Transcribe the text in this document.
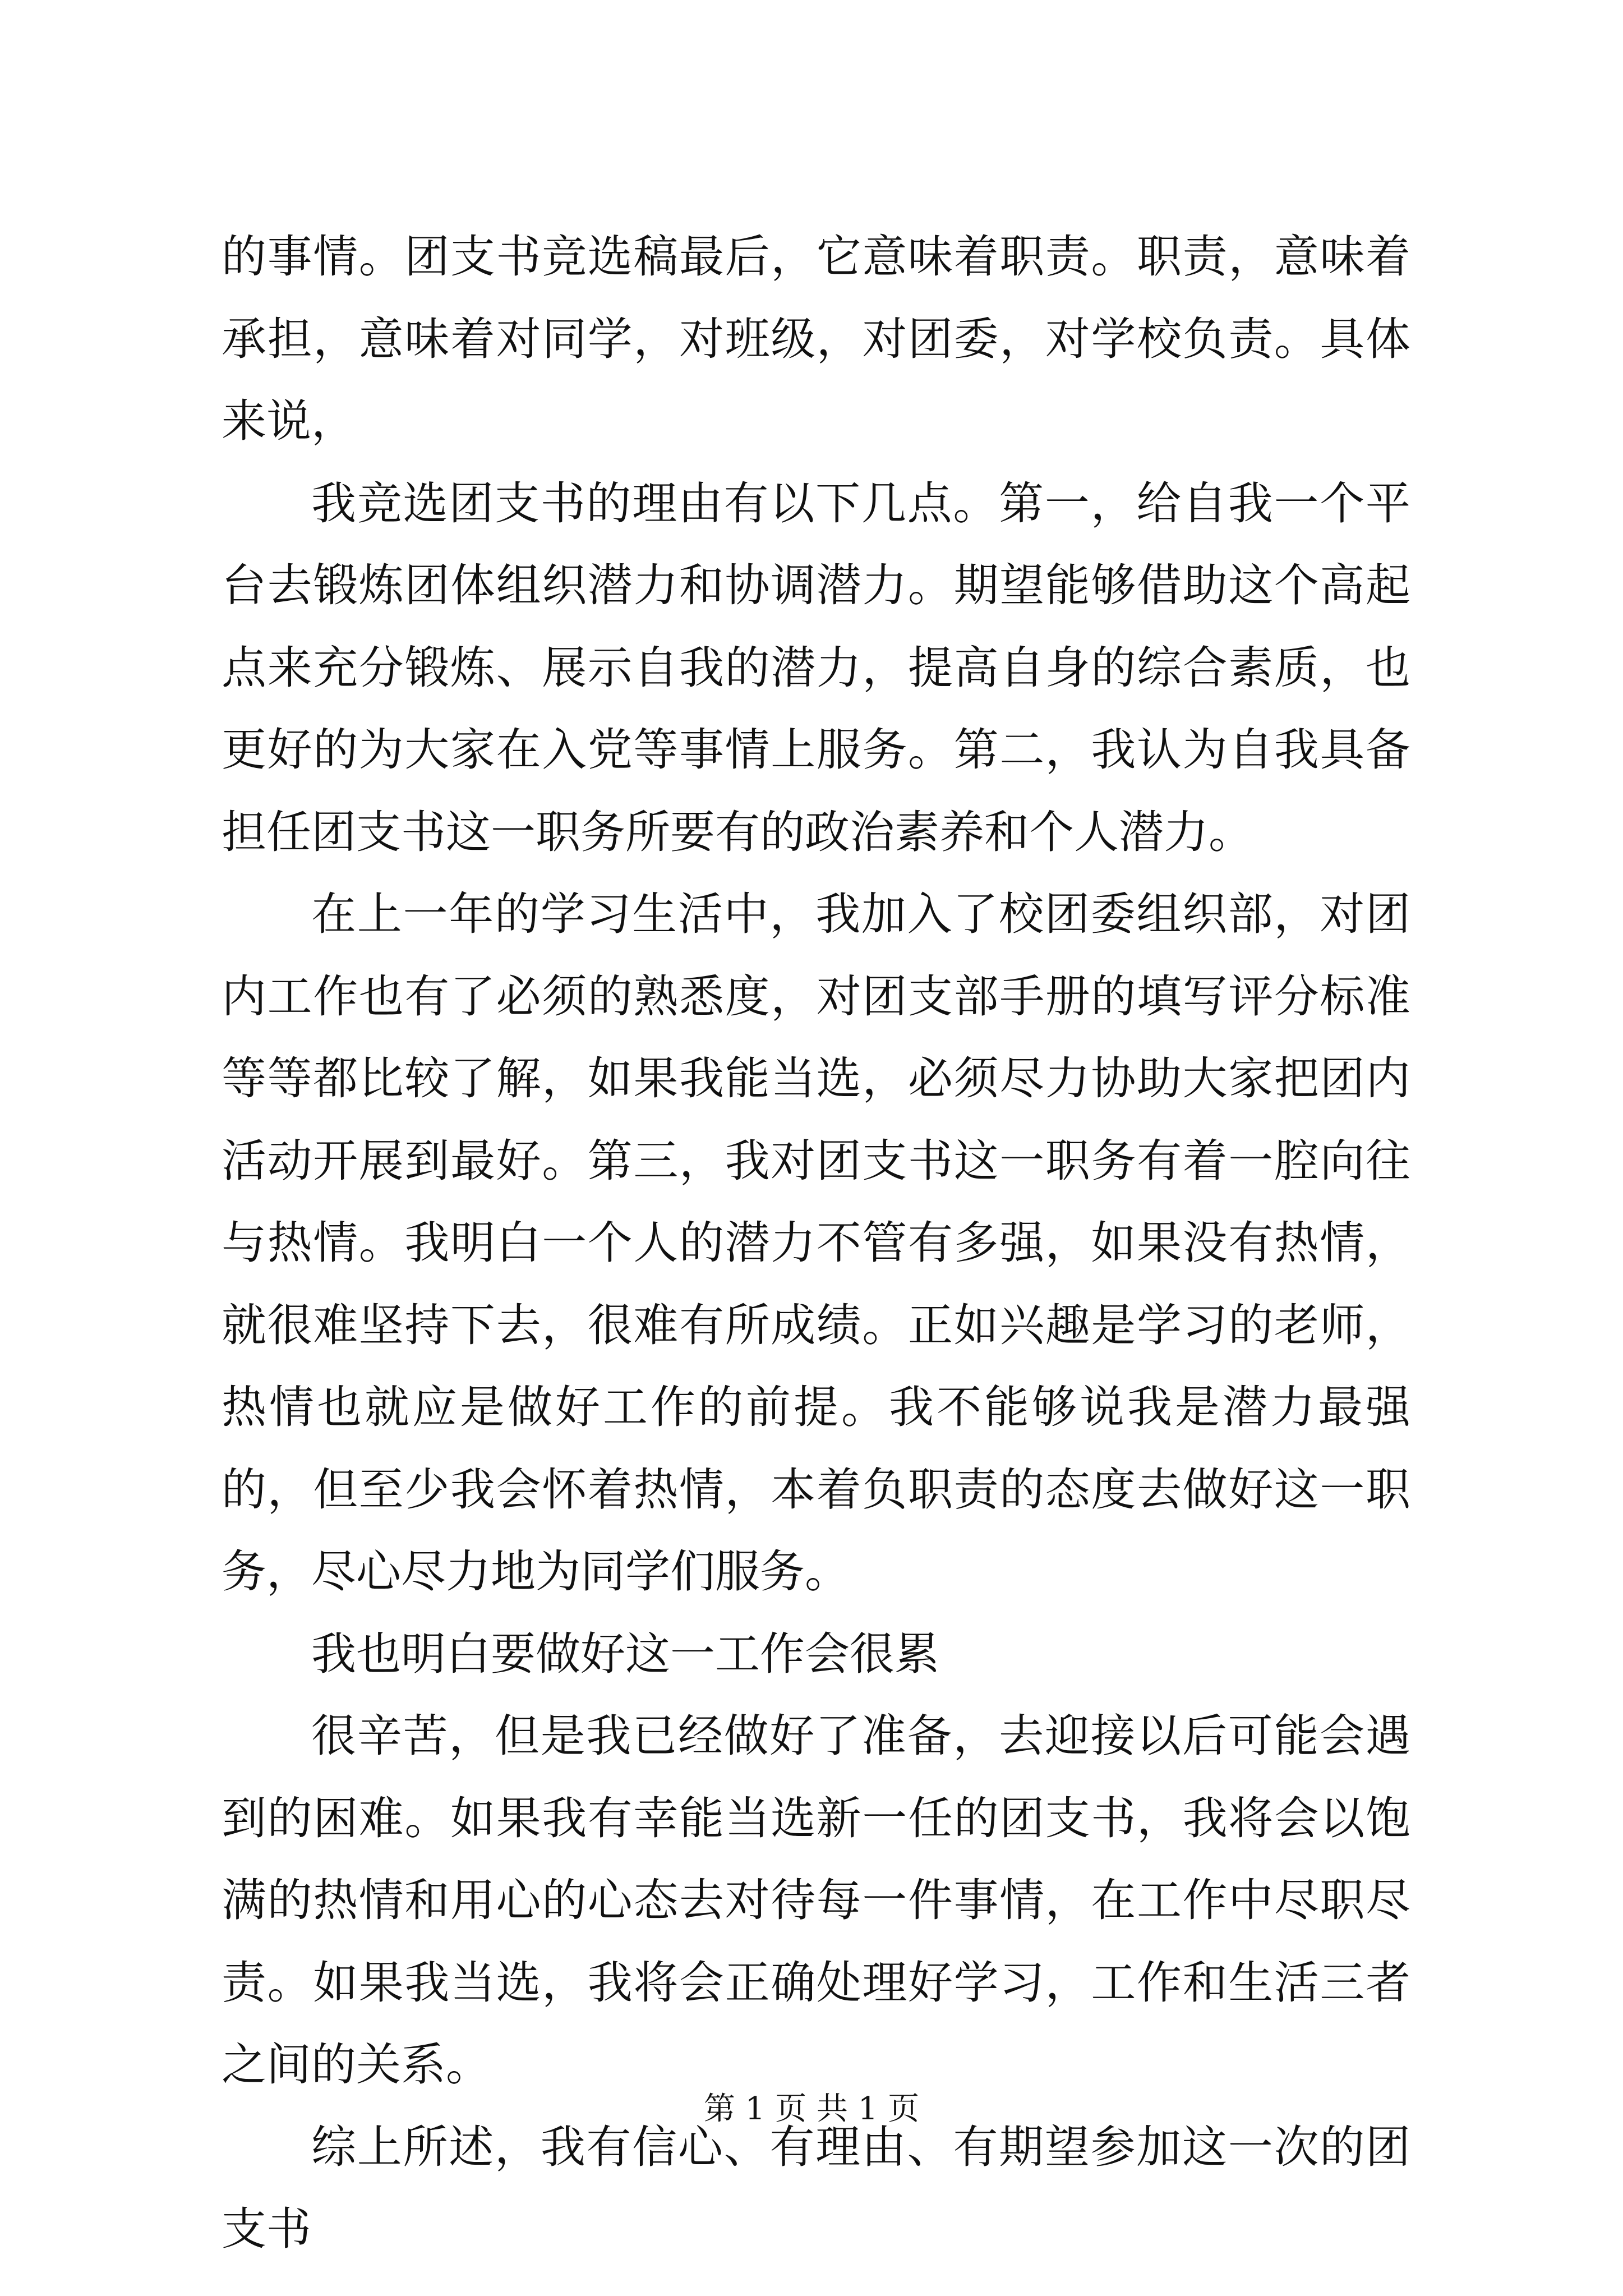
的事情。团支书竞选稿最后，它意味着职责。职责，意味着承担，意味着对同学，对班级，对团委，对学校负责。具体来说，

我竞选团支书的理由有以下几点。第一，给自我一个平台去锻炼团体组织潜力和协调潜力。期望能够借助这个高起点来充分锻炼、展示自我的潜力，提高自身的综合素质，也更好的为大家在入党等事情上服务。第二，我认为自我具备担任团支书这一职务所要有的政治素养和个人潜力。

在上一年的学习生活中，我加入了校团委组织部，对团内工作也有了必须的熟悉度，对团支部手册的填写评分标准等等都比较了解，如果我能当选，必须尽力协助大家把团内活动开展到最好。第三，我对团支书这一职务有着一腔向往与热情。我明白一个人的潜力不管有多强，如果没有热情，就很难坚持下去，很难有所成绩。正如兴趣是学习的老师，热情也就应是做好工作的前提。我不能够说我是潜力最强的，但至少我会怀着热情，本着负职责的态度去做好这一职务，尽心尽力地为同学们服务。

我也明白要做好这一工作会很累

很辛苦，但是我已经做好了准备，去迎接以后可能会遇到的困难。如果我有幸能当选新一任的团支书，我将会以饱满的热情和用心的心态去对待每一件事情，在工作中尽职尽责。如果我当选，我将会正确处理好学习，工作和生活三者之间的关系。

综上所述，我有信心、有理由、有期望参加这一次的团支书

第 1 页 共 1 页
